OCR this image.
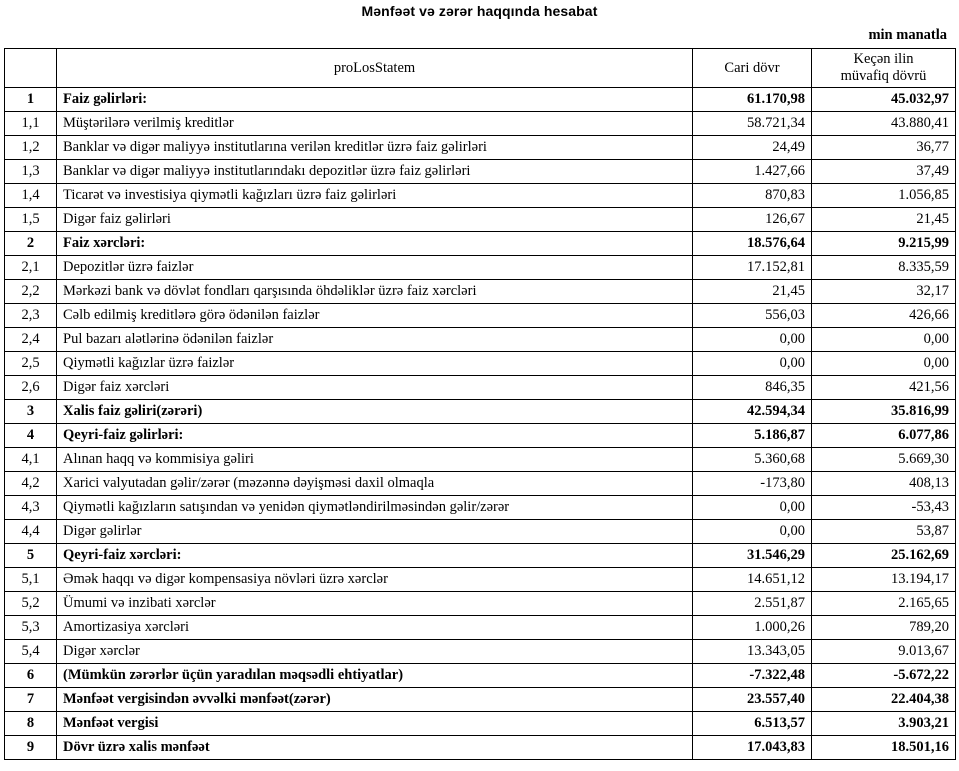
Mənfəət və zərər haqqında hesabat
min manatla
	proLosStatem	Cari dövr	Keçən ilin
müvafiq dövrü
1	Faiz gəlirləri:	61.170,98	45.032,97
1,1	Müştərilərə verilmiş kreditlər	58.721,34	43.880,41
1,2	Banklar və digər maliyyə institutlarına verilən kreditlər üzrə faiz gəlirləri	24,49	36,77
1,3	Banklar və digər maliyyə institutlarındakı depozitlər üzrə faiz gəlirləri	1.427,66	37,49
1,4	Ticarət və investisiya qiymətli kağızları üzrə faiz gəlirləri	870,83	1.056,85
1,5	Digər faiz gəlirləri	126,67	21,45
2	Faiz xərcləri:	18.576,64	9.215,99
2,1	Depozitlər üzrə faizlər	17.152,81	8.335,59
2,2	Mərkəzi bank və dövlət fondları qarşısında öhdəliklər üzrə faiz xərcləri	21,45	32,17
2,3	Cəlb edilmiş kreditlərə görə ödənilən faizlər	556,03	426,66
2,4	Pul bazarı alətlərinə ödənilən faizlər	0,00	0,00
2,5	Qiymətli kağızlar üzrə faizlər	0,00	0,00
2,6	Digər faiz xərcləri	846,35	421,56
3	Xalis faiz gəliri(zərəri)	42.594,34	35.816,99
4	Qeyri-faiz gəlirləri:	5.186,87	6.077,86
4,1	Alınan haqq və kommisiya gəliri	5.360,68	5.669,30
4,2	Xarici valyutadan gəlir/zərər (məzənnə dəyişməsi daxil olmaqla	-173,80	408,13
4,3	Qiymətli kağızların satışından və yenidən qiymətləndirilməsindən gəlir/zərər	0,00	-53,43
4,4	Digər gəlirlər	0,00	53,87
5	Qeyri-faiz xərcləri:	31.546,29	25.162,69
5,1	Əmək haqqı və digər kompensasiya növləri üzrə xərclər	14.651,12	13.194,17
5,2	Ümumi və inzibati xərclər	2.551,87	2.165,65
5,3	Amortizasiya xərcləri	1.000,26	789,20
5,4	Digər xərclər	13.343,05	9.013,67
6	(Mümkün zərərlər üçün yaradılan məqsədli ehtiyatlar)	-7.322,48	-5.672,22
7	Mənfəət vergisindən əvvəlki mənfəət(zərər)	23.557,40	22.404,38
8	Mənfəət vergisi	6.513,57	3.903,21
9	Dövr üzrə xalis mənfəət	17.043,83	18.501,16
